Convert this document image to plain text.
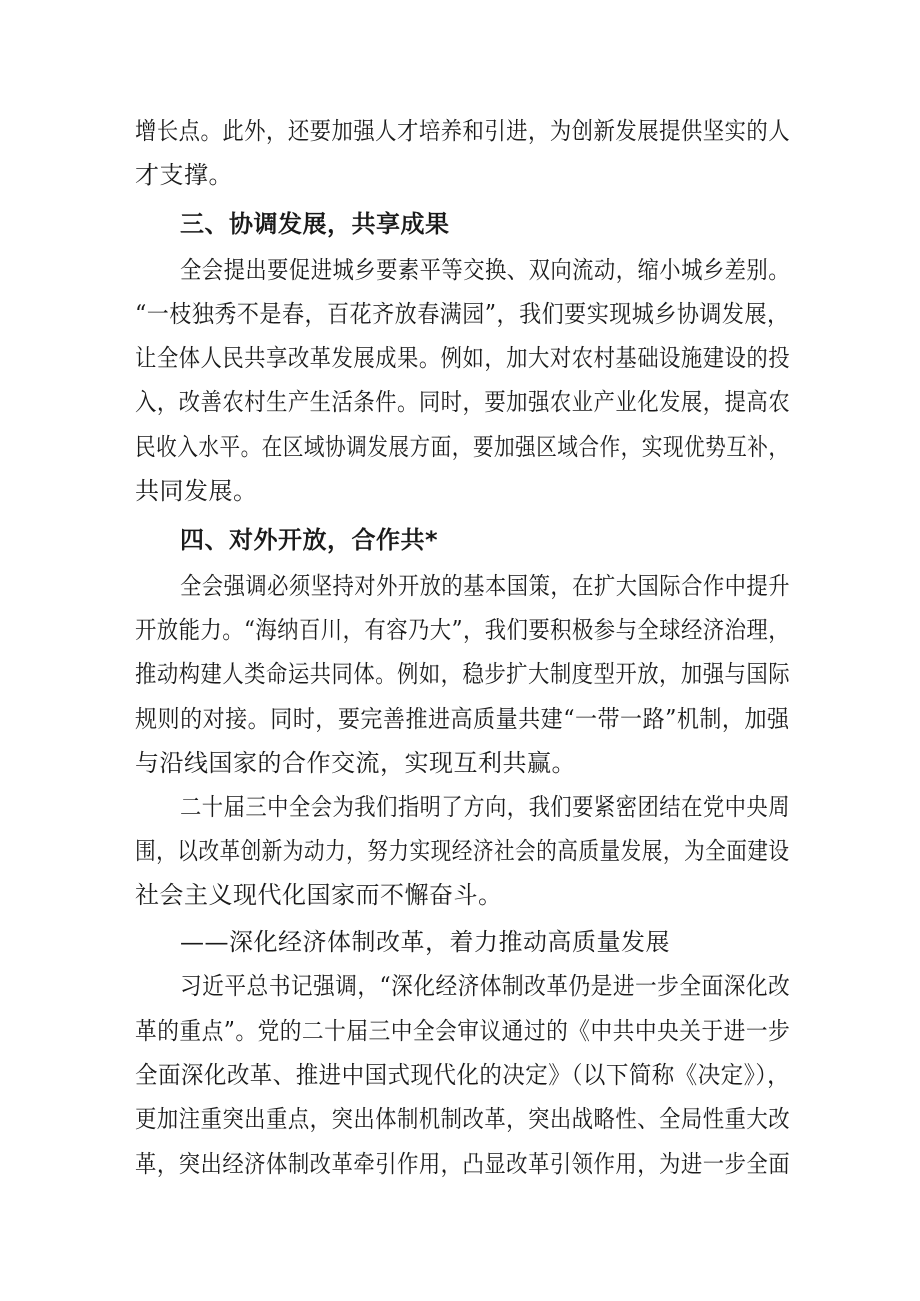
增长点。此外，还要加强人才培养和引进，为创新发展提供坚实的人
才支撑。
三、协调发展，共享成果
全会提出要促进城乡要素平等交换、双向流动，缩小城乡差别。
“一枝独秀不是春，百花齐放春满园”，我们要实现城乡协调发展，
让全体人民共享改革发展成果。例如，加大对农村基础设施建设的投
入，改善农村生产生活条件。同时，要加强农业产业化发展，提高农
民收入水平。在区域协调发展方面，要加强区域合作，实现优势互补，
共同发展。
四、对外开放，合作共*
全会强调必须坚持对外开放的基本国策，在扩大国际合作中提升
开放能力。“海纳百川，有容乃大”，我们要积极参与全球经济治理，
推动构建人类命运共同体。例如，稳步扩大制度型开放，加强与国际
规则的对接。同时，要完善推进高质量共建“一带一路”机制，加强
与沿线国家的合作交流，实现互利共赢。
二十届三中全会为我们指明了方向，我们要紧密团结在党中央周
围，以改革创新为动力，努力实现经济社会的高质量发展，为全面建设
社会主义现代化国家而不懈奋斗。
——深化经济体制改革，着力推动高质量发展
习近平总书记强调，“深化经济体制改革仍是进一步全面深化改
革的重点”。党的二十届三中全会审议通过的《中共中央关于进一步
全面深化改革、推进中国式现代化的决定》（以下简称《决定》），
更加注重突出重点，突出体制机制改革，突出战略性、全局性重大改
革，突出经济体制改革牵引作用，凸显改革引领作用，为进一步全面
